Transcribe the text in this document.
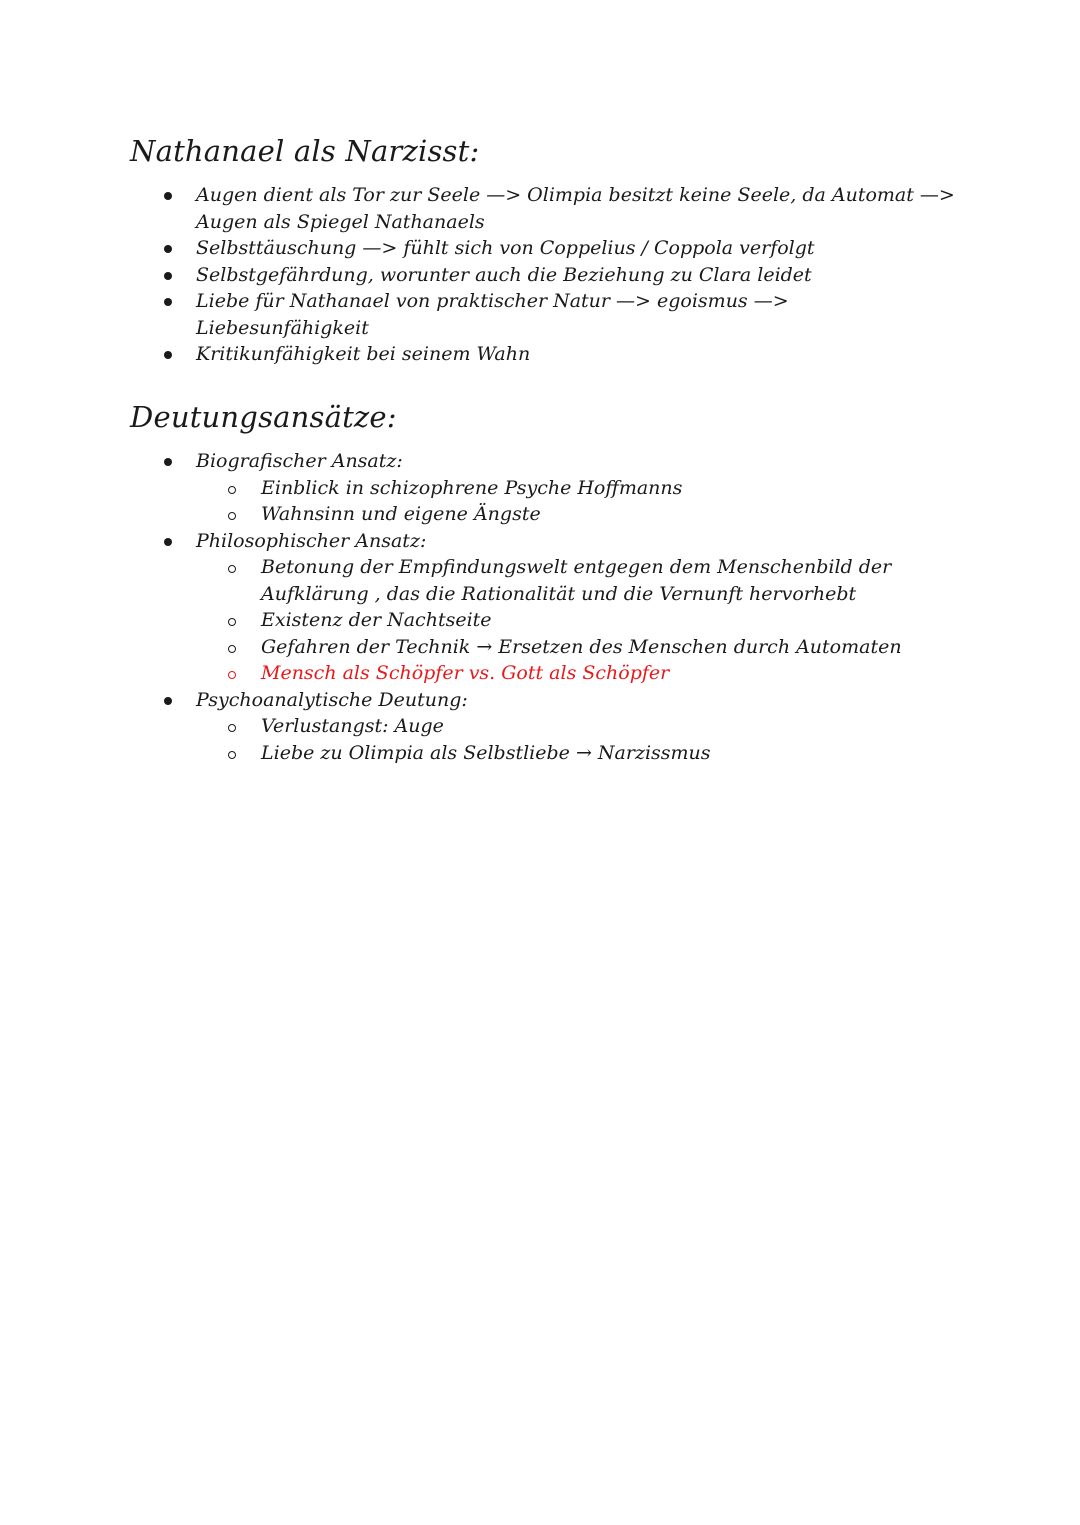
Nathanael als Narzisst:
Augen dient als Tor zur Seele —> Olimpia besitzt keine Seele, da Automat —> Augen als Spiegel Nathanaels
Selbsttäuschung —> fühlt sich von Coppelius / Coppola verfolgt
Selbstgefährdung, worunter auch die Beziehung zu Clara leidet
Liebe für Nathanael von praktischer Natur —> egoismus —> Liebesunfähigkeit
Kritikunfähigkeit bei seinem Wahn
Deutungsansätze:
Biografischer Ansatz:
Einblick in schizophrene Psyche Hoffmanns
Wahnsinn und eigene Ängste
Philosophischer Ansatz:
Betonung der Empfindungswelt entgegen dem Menschenbild der Aufklärung , das die Rationalität und die Vernunft hervorhebt
Existenz der Nachtseite
Gefahren der Technik → Ersetzen des Menschen durch Automaten
Mensch als Schöpfer vs. Gott als Schöpfer
Psychoanalytische Deutung:
Verlustangst: Auge
Liebe zu Olimpia als Selbstliebe → Narzissmus
